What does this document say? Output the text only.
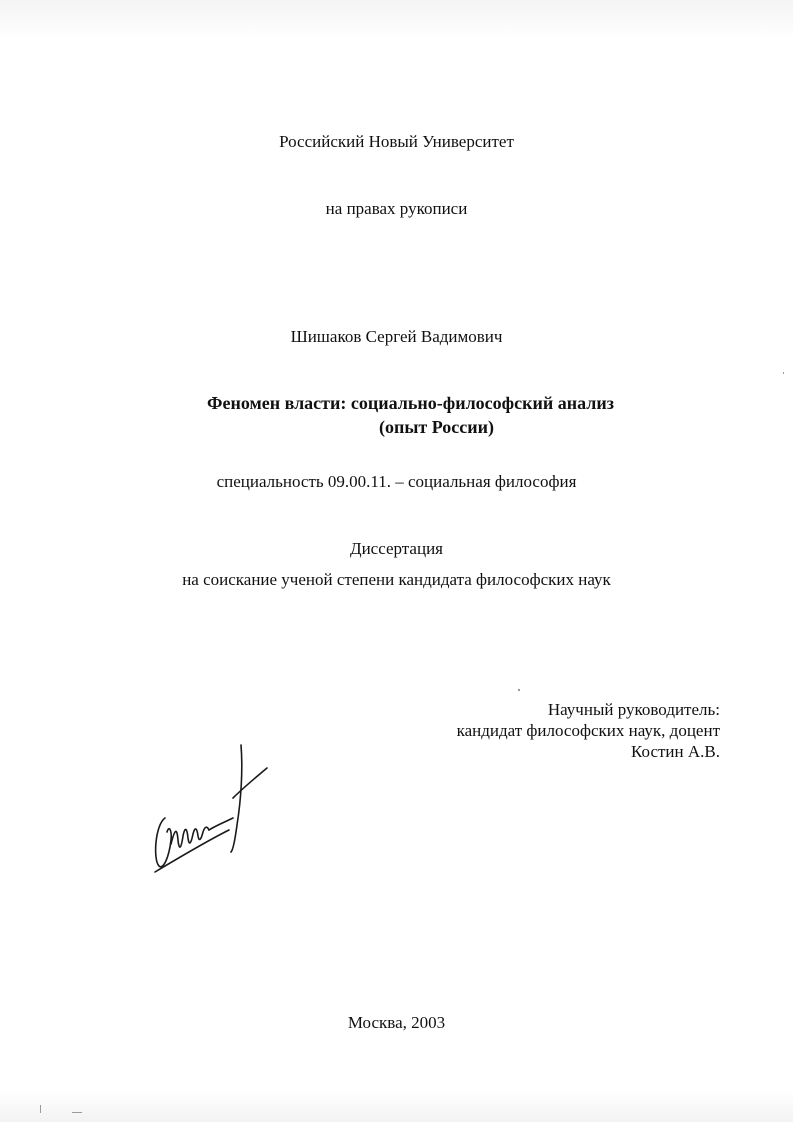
Российский Новый Университет
на правах рукописи
Шишаков Сергей Вадимович
Феномен власти: социально-философский анализ
(опыт России)
специальность 09.00.11. – социальная философия
Диссертация
на соискание ученой степени кандидата философских наук
Научный руководитель:
кандидат философских наук, доцент
Костин А.В.
Москва, 2003
